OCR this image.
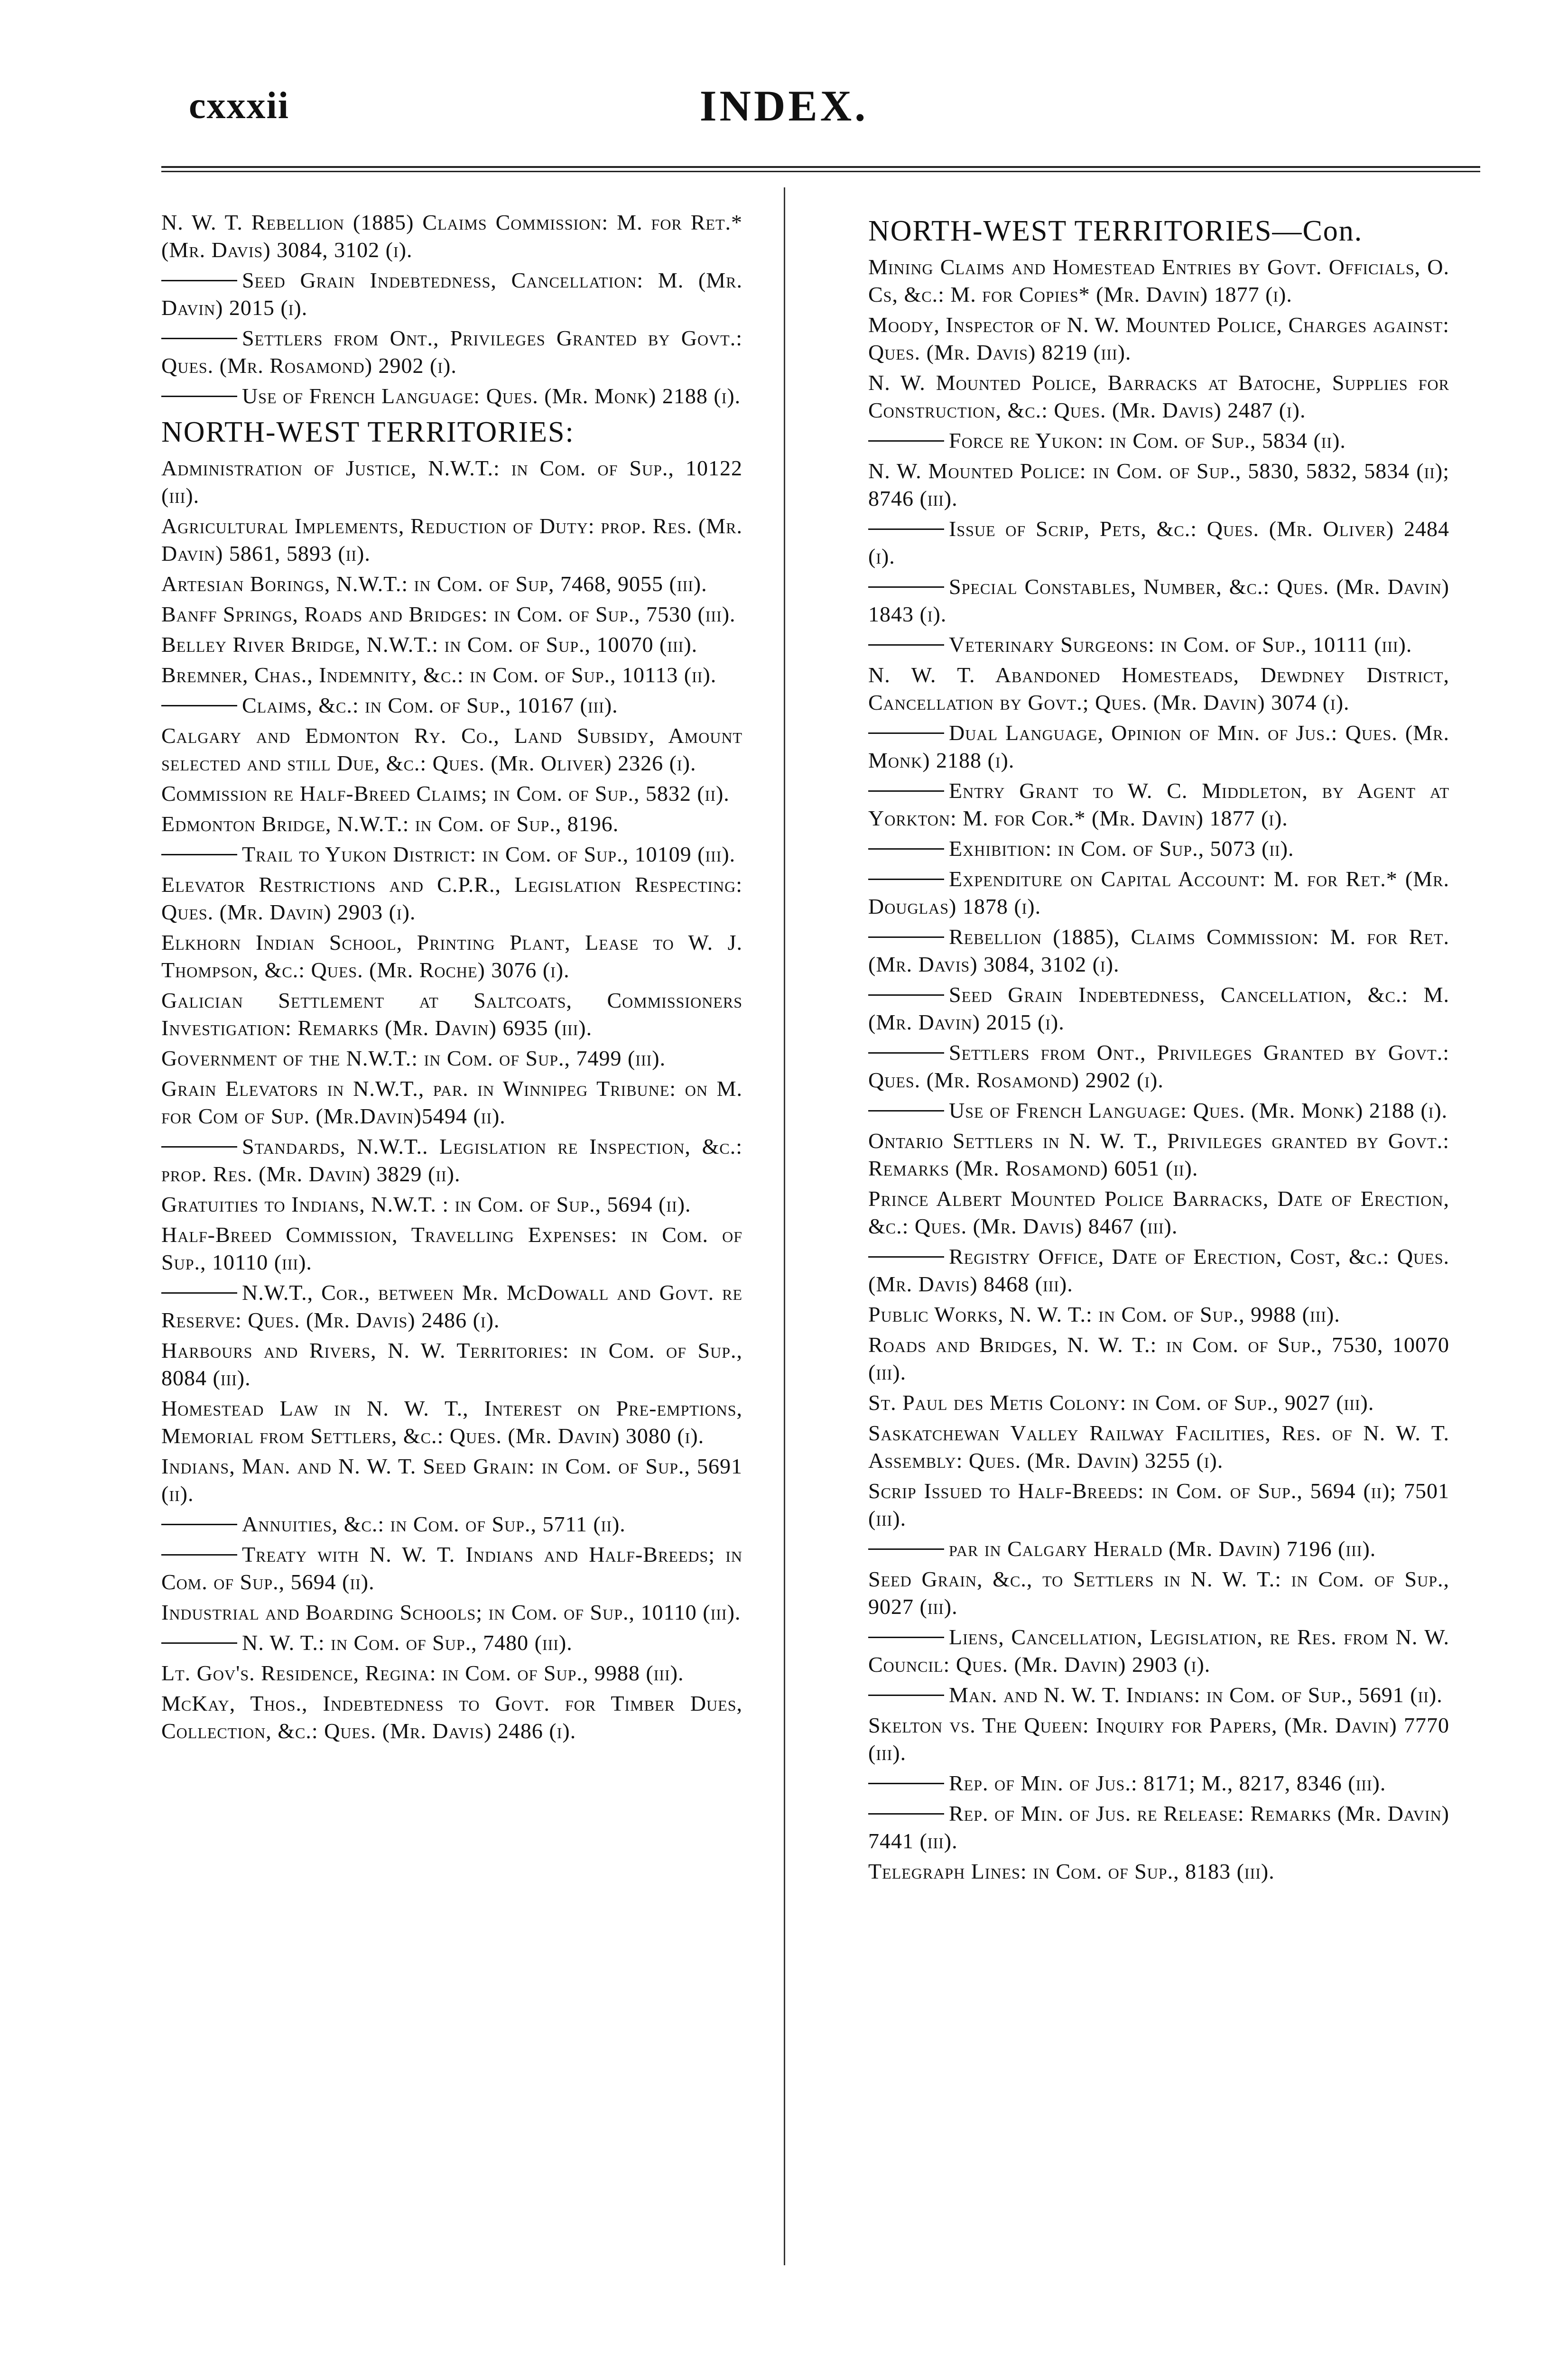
cxxxii	INDEX.
N. W. T. Rebellion (1885) Claims Commission: M. for Ret.* (Mr. Davis) 3084, 3102 (i).
Seed Grain Indebtedness, Cancellation: M. (Mr. Davin) 2015 (i).
Settlers from Ont., Privileges Granted by Govt.: Ques. (Mr. Rosamond) 2902 (i).
Use of French Language: Ques. (Mr. Monk) 2188 (i).
NORTH-WEST TERRITORIES:
Administration of Justice, N.W.T.: in Com. of Sup., 10122 (iii).
Agricultural Implements, Reduction of Duty: prop. Res. (Mr. Davin) 5861, 5893 (ii).
Artesian Borings, N.W.T.: in Com. of Sup, 7468, 9055 (iii).
Banff Springs, Roads and Bridges: in Com. of Sup., 7530 (iii).
Belley River Bridge, N.W.T.: in Com. of Sup., 10070 (iii).
Bremner, Chas., Indemnity, &c.: in Com. of Sup., 10113 (ii).
Claims, &c.: in Com. of Sup., 10167 (iii).
Calgary and Edmonton Ry. Co., Land Subsidy, Amount selected and still Due, &c.: Ques. (Mr. Oliver) 2326 (i).
Commission re Half-Breed Claims; in Com. of Sup., 5832 (ii).
Edmonton Bridge, N.W.T.: in Com. of Sup., 8196.
Trail to Yukon District: in Com. of Sup., 10109 (iii).
Elevator Restrictions and C.P.R., Legislation Respecting: Ques. (Mr. Davin) 2903 (i).
Elkhorn Indian School, Printing Plant, Lease to W. J. Thompson, &c.: Ques. (Mr. Roche) 3076 (i).
Galician Settlement at Saltcoats, Commissioners Investigation: Remarks (Mr. Davin) 6935 (iii).
Government of the N.W.T.: in Com. of Sup., 7499 (iii).
Grain Elevators in N.W.T., par. in Winnipeg Tribune: on M. for Com of Sup. (Mr.Davin)5494 (ii).
Standards, N.W.T.. Legislation re Inspection, &c.: prop. Res. (Mr. Davin) 3829 (ii).
Gratuities to Indians, N.W.T. : in Com. of Sup., 5694 (ii).
Half-Breed Commission, Travelling Expenses: in Com. of Sup., 10110 (iii).
N.W.T., Cor., between Mr. McDowall and Govt. re Reserve: Ques. (Mr. Davis) 2486 (i).
Harbours and Rivers, N. W. Territories: in Com. of Sup., 8084 (iii).
Homestead Law in N. W. T., Interest on Pre-emptions, Memorial from Settlers, &c.: Ques. (Mr. Davin) 3080 (i).
Indians, Man. and N. W. T. Seed Grain: in Com. of Sup., 5691 (ii).
Annuities, &c.: in Com. of Sup., 5711 (ii).
Treaty with N. W. T. Indians and Half-Breeds; in Com. of Sup., 5694 (ii).
Industrial and Boarding Schools; in Com. of Sup., 10110 (iii).
N. W. T.: in Com. of Sup., 7480 (iii).
Lt. Gov's. Residence, Regina: in Com. of Sup., 9988 (iii).
McKay, Thos., Indebtedness to Govt. for Timber Dues, Collection, &c.: Ques. (Mr. Davis) 2486 (i).
NORTH-WEST TERRITORIES—Con.
Mining Claims and Homestead Entries by Govt. Officials, O. Cs, &c.: M. for Copies* (Mr. Davin) 1877 (i).
Moody, Inspector of N. W. Mounted Police, Charges against: Ques. (Mr. Davis) 8219 (iii).
N. W. Mounted Police, Barracks at Batoche, Supplies for Construction, &c.: Ques. (Mr. Davis) 2487 (i).
Force re Yukon: in Com. of Sup., 5834 (ii).
N. W. Mounted Police: in Com. of Sup., 5830, 5832, 5834 (ii); 8746 (iii).
Issue of Scrip, Pets, &c.: Ques. (Mr. Oliver) 2484 (i).
Special Constables, Number, &c.: Ques. (Mr. Davin) 1843 (i).
Veterinary Surgeons: in Com. of Sup., 10111 (iii).
N. W. T. Abandoned Homesteads, Dewdney District, Cancellation by Govt.; Ques. (Mr. Davin) 3074 (i).
Dual Language, Opinion of Min. of Jus.: Ques. (Mr. Monk) 2188 (i).
Entry Grant to W. C. Middleton, by Agent at Yorkton: M. for Cor.* (Mr. Davin) 1877 (i).
Exhibition: in Com. of Sup., 5073 (ii).
Expenditure on Capital Account: M. for Ret.* (Mr. Douglas) 1878 (i).
Rebellion (1885), Claims Commission: M. for Ret. (Mr. Davis) 3084, 3102 (i).
Seed Grain Indebtedness, Cancellation, &c.: M. (Mr. Davin) 2015 (i).
Settlers from Ont., Privileges Granted by Govt.: Ques. (Mr. Rosamond) 2902 (i).
Use of French Language: Ques. (Mr. Monk) 2188 (i).
Ontario Settlers in N. W. T., Privileges granted by Govt.: Remarks (Mr. Rosamond) 6051 (ii).
Prince Albert Mounted Police Barracks, Date of Erection, &c.: Ques. (Mr. Davis) 8467 (iii).
Registry Office, Date of Erection, Cost, &c.: Ques. (Mr. Davis) 8468 (iii).
Public Works, N. W. T.: in Com. of Sup., 9988 (iii).
Roads and Bridges, N. W. T.: in Com. of Sup., 7530, 10070 (iii).
St. Paul des Metis Colony: in Com. of Sup., 9027 (iii).
Saskatchewan Valley Railway Facilities, Res. of N. W. T. Assembly: Ques. (Mr. Davin) 3255 (i).
Scrip Issued to Half-Breeds: in Com. of Sup., 5694 (ii); 7501 (iii).
par in Calgary Herald (Mr. Davin) 7196 (iii).
Seed Grain, &c., to Settlers in N. W. T.: in Com. of Sup., 9027 (iii).
Liens, Cancellation, Legislation, re Res. from N. W. Council: Ques. (Mr. Davin) 2903 (i).
Man. and N. W. T. Indians: in Com. of Sup., 5691 (ii).
Skelton vs. The Queen: Inquiry for Papers, (Mr. Davin) 7770 (iii).
Rep. of Min. of Jus.: 8171; M., 8217, 8346 (iii).
Rep. of Min. of Jus. re Release: Remarks (Mr. Davin) 7441 (iii).
Telegraph Lines: in Com. of Sup., 8183 (iii).
